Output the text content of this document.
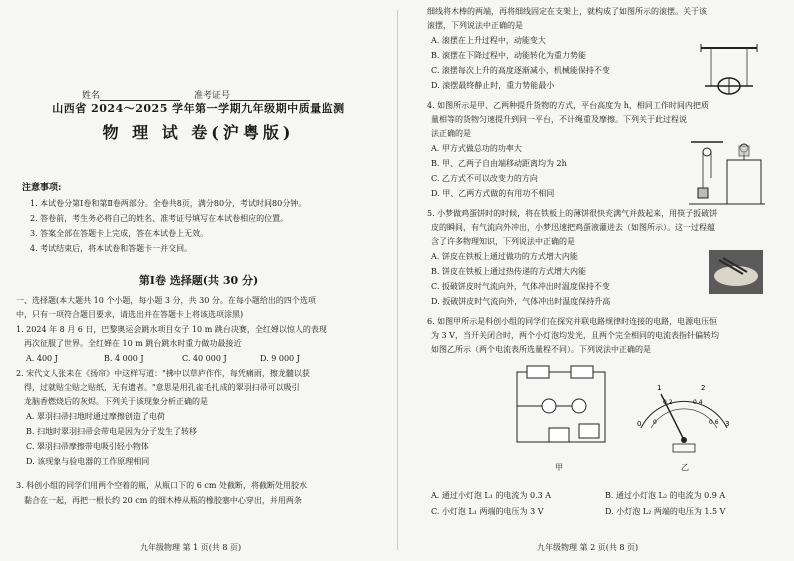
姓名	准考证号
山西省 2024～2025 学年第一学期九年级期中质量监测
物 理 试 卷(沪粤版)
注意事项:
1. 本试卷分第Ⅰ卷和第Ⅱ卷两部分。全卷共8页，满分80分，考试时间80分钟。
2. 答卷前，考生务必将自己的姓名、准考证号填写在本试卷相应的位置。
3. 答案全部在答题卡上完成，答在本试卷上无效。
4. 考试结束后，将本试卷和答题卡一并交回。
第Ⅰ卷 选择题(共 30 分)
一、选择题(本大题共 10 个小题，每小题 3 分，共 30 分。在每小题给出的四个选项
中，只有一项符合题目要求，请选出并在答题卡上将该选项涂黑)
1. 2024 年 8 月 6 日，巴黎奥运会跳水项目女子 10 m 跳台决赛，全红婵以惊人的表现
再次征服了世界。全红婵在 10 m 跳台跳水时重力做功最接近
A. 400 J	B. 4 000 J	C. 40 000 J	D. 9 000 J
2. 宋代文人张耒在《扬帘》中这样写道："拂中以草庐作作，每凭痛雨，擦龙髓以获
得，过就贴尘贴之贴纸，无有遗者。"意思是用孔雀毛扎成的翠羽扫帚可以吸引
龙脑香燃烧后的灰烬。下列关于该现象分析正确的是
A. 翠羽扫帚扫地时通过摩擦创造了电荷
B. 扫地时翠羽扫帚会带电是因为分子发生了转移
C. 翠羽扫帚摩擦带电吸引轻小物体
D. 该现象与验电器的工作原理相同
3. 科创小组的同学们用两个空着的瓶，从瓶口下的 6 cm 处截断，将截断处用胶水
黏合在一起，再把一根长约 20 cm 的细木棒从瓶的橡胶塞中心穿出，并用两条
九年级物理 第 1 页(共 8 页)
细线将木棒的两端，再将细线固定在支架上，就构成了如图所示的滚摆。关于该
滚摆，下列说法中正确的是
A. 滚摆在上升过程中，动能变大
B. 滚摆在下降过程中，动能转化为重力势能
C. 滚摆每次上升的高度逐渐减小，机械能保持不变
D. 滚摆最终静止时，重力势能最小
4. 如图所示是甲、乙两种提升货物的方式，平台高度为 h，相同工作时间内把质
量相等的货物匀速提升到同一平台，不计绳重及摩擦。下列关于此过程说
法正确的是
A. 甲方式做总功的功率大
B. 甲、乙两子自由端移动距离均为 2h
C. 乙方式不可以改变力的方向
D. 甲、乙两方式做的有用功不相同
5. 小梦做鸡蛋饼时的时候，将在铁板上的薄饼很快充满气并鼓起来，用筷子扳破饼
皮的瞬间，有气流向外冲出，小梦迅速把鸡蛋液灌进去（如图所示）。这一过程蕴
含了许多物理知识，下列说法中正确的是
A. 饼皮在铁板上通过做功的方式增大内能
B. 饼皮在铁板上通过热传递的方式增大内能
C. 扳破饼皮时气流向外，气体冲出时温度保持不变
D. 扳破饼皮时气流向外，气体冲出时温度保持升高
6. 如图甲所示是科创小组的同学们在探究并联电路规律时连接的电路，电源电压恒
为 3 V，当开关闭合时，两个小灯泡均发光，且两个完全相同的电流表指针偏转均
如图乙所示（两个电流表所选量程不同）。下列说法中正确的是
甲
0
1	2
3
0
0.2	0.4
0.6
乙
A. 通过小灯泡 L₁ 的电流为 0.3 A	B. 通过小灯泡 L₂ 的电流为 0.9 A
C. 小灯泡 L₁ 两端的电压为 3 V	D. 小灯泡 L₂ 两端的电压为 1.5 V
九年级物理 第 2 页(共 8 页)
